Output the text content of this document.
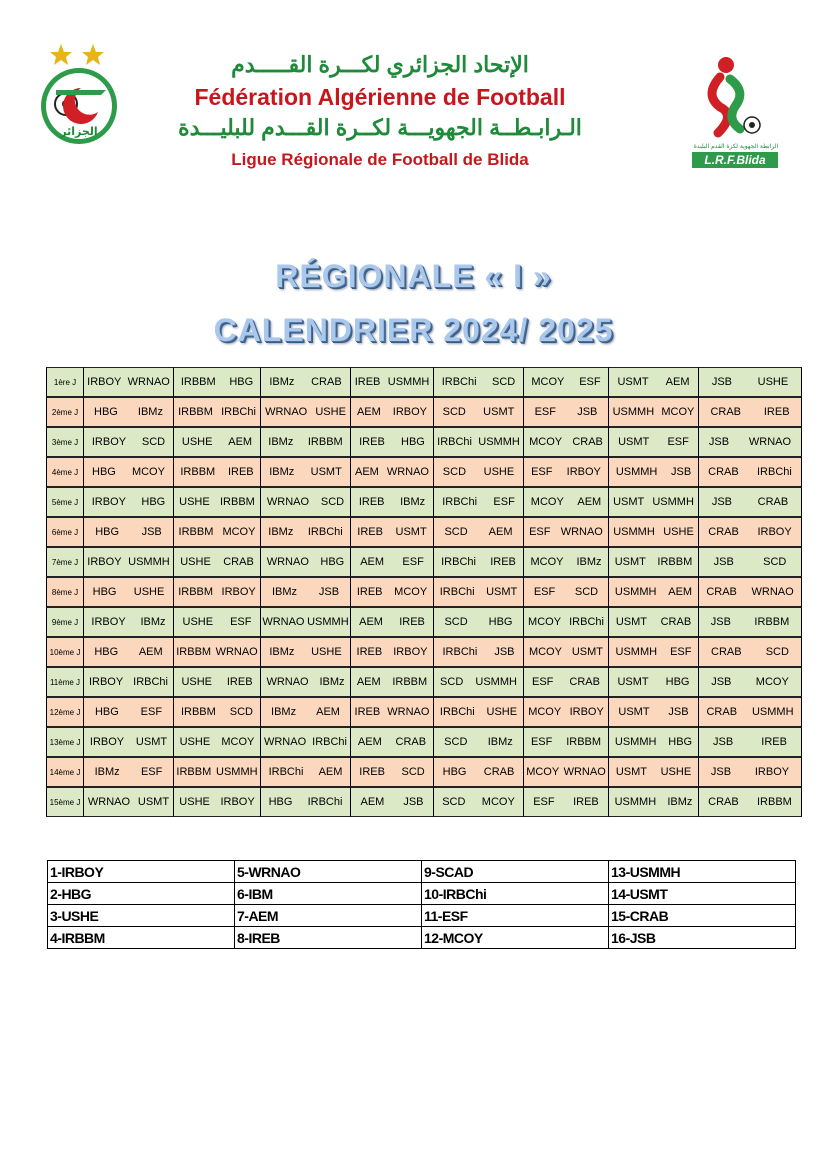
الجزائر
الإتحاد الجزائري لكـــرة القـــــدم
Fédération Algérienne de Football
الـرابـطــة الجهويـــة لكــرة القـــدم للبليـــدة
Ligue Régionale de Football de Blida
الرابطة الجهوية لكرة القدم البليدة
L.R.F.Blida
RÉGIONALE « I »
CALENDRIER 2024/ 2025
1ère J	IRBOY WRNAO	IRBBM HBG	IBMz CRAB	IREB USMMH	IRBChi SCD	MCOY ESF	USMT AEM	JSB USHE

2ème J	HBG IBMz	IRBBM IRBChi	WRNAO USHE	AEM IRBOY	SCD USMT	ESF JSB	USMMH MCOY	CRAB IREB

3ème J	IRBOY SCD	USHE AEM	IBMz IRBBM	IREB HBG	IRBChi USMMH	MCOY CRAB	USMT ESF	JSB WRNAO

4ème J	HBG MCOY	IRBBM IREB	IBMz USMT	AEM WRNAO	SCD USHE	ESF IRBOY	USMMH JSB	CRAB IRBChi

5ème J	IRBOY HBG	USHE IRBBM	WRNAO SCD	IREB IBMz	IRBChi ESF	MCOY AEM	USMT USMMH	JSB CRAB

6ème J	HBG JSB	IRBBM MCOY	IBMz IRBChi	IREB USMT	SCD AEM	ESF WRNAO	USMMH USHE	CRAB IRBOY

7ème J	IRBOY USMMH	USHE CRAB	WRNAO HBG	AEM ESF	IRBChi IREB	MCOY IBMz	USMT IRBBM	JSB SCD

8ème J	HBG USHE	IRBBM IRBOY	IBMz JSB	IREB MCOY	IRBChi USMT	ESF SCD	USMMH AEM	CRAB WRNAO

9ème J	IRBOY IBMz	USHE ESF	WRNAO USMMH	AEM IREB	SCD HBG	MCOY IRBChi	USMT CRAB	JSB IRBBM

10ème J	HBG AEM	IRBBM WRNAO	IBMz USHE	IREB IRBOY	IRBChi JSB	MCOY USMT	USMMH ESF	CRAB SCD

11ème J	IRBOY IRBChi	USHE IREB	WRNAO IBMz	AEM IRBBM	SCD USMMH	ESF CRAB	USMT HBG	JSB MCOY

12ème J	HBG ESF	IRBBM SCD	IBMz AEM	IREB WRNAO	IRBChi USHE	MCOY IRBOY	USMT JSB	CRAB USMMH

13ème J	IRBOY USMT	USHE MCOY	WRNAO IRBChi	AEM CRAB	SCD IBMz	ESF IRBBM	USMMH HBG	JSB IREB

14ème J	IBMz ESF	IRBBM USMMH	IRBChi AEM	IREB SCD	HBG CRAB	MCOY WRNAO	USMT USHE	JSB IRBOY

15ème J	WRNAO USMT	USHE IRBOY	HBG IRBChi	AEM JSB	SCD MCOY	ESF IREB	USMMH IBMz	CRAB IRBBM
1-IRBOY	5-WRNAO	9-SCAD	13-USMMH
2-HBG	6-IBM	10-IRBChi	14-USMT
3-USHE	7-AEM	11-ESF	15-CRAB
4-IRBBM	8-IREB	12-MCOY	16-JSB
